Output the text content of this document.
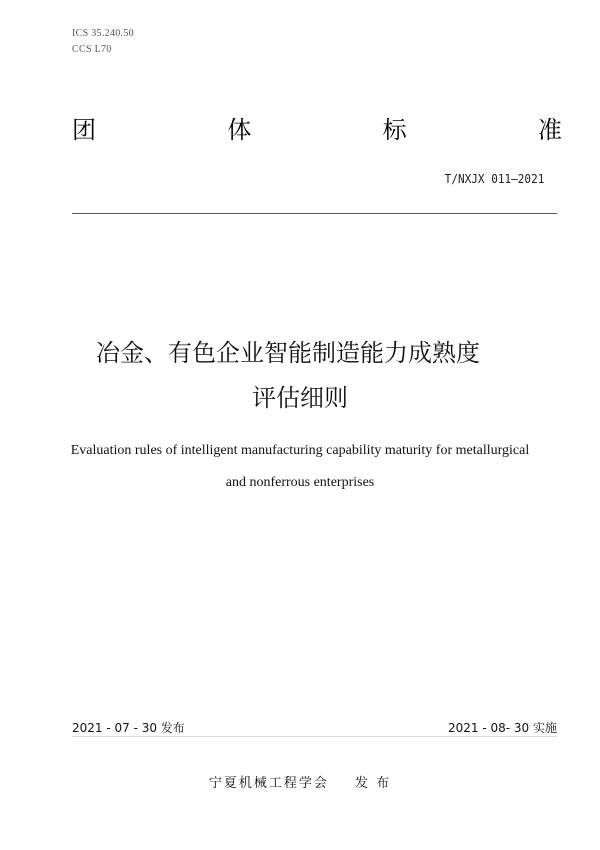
ICS 35.240.50
CCS L70
团	体	标	准
T/NXJX 011—2021
冶金、有色企业智能制造能力成熟度
评估细则
Evaluation rules of intelligent manufacturing capability maturity for metallurgical
and nonferrous enterprises
2021 - 07 - 30 发布	2021 - 08- 30 实施
宁夏机械工程学会 发 布
